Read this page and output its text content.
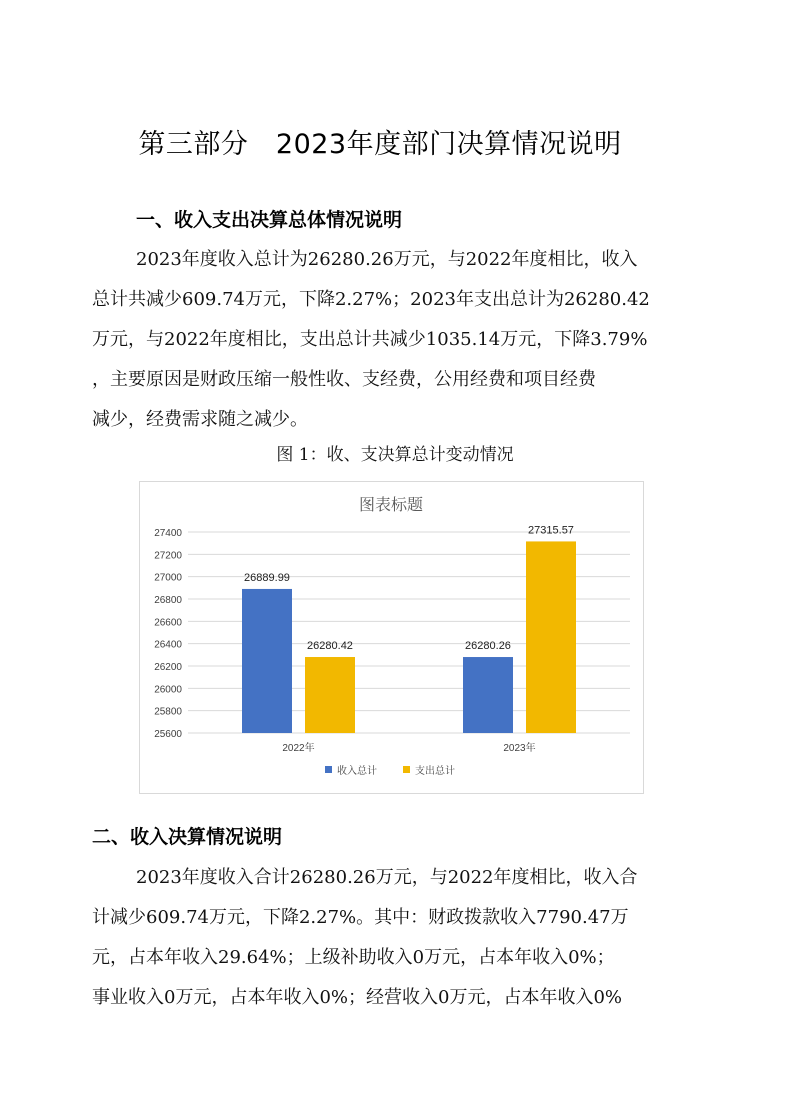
第三部分　2023年度部门决算情况说明
一、收入支出决算总体情况说明
2023年度收入总计为26280.26万元，与2022年度相比，收入
总计共减少609.74万元，下降2.27%；2023年支出总计为26280.42
万元，与2022年度相比，支出总计共减少1035.14万元，下降3.79%
，主要原因是财政压缩一般性收、支经费，公用经费和项目经费
减少，经费需求随之减少。
图 1：收、支决算总计变动情况
图表标题
25600
25800
26000
26200
26400
26600
26800
27000
27200
27400
2022年
26889.99
26280.42
2023年
26280.26
27315.57
收入总计	支出总计
二、收入决算情况说明
2023年度收入合计26280.26万元，与2022年度相比，收入合
计减少609.74万元，下降2.27%。其中：财政拨款收入7790.47万
元，占本年收入29.64%；上级补助收入0万元，占本年收入0%；
事业收入0万元，占本年收入0%；经营收入0万元，占本年收入0%
